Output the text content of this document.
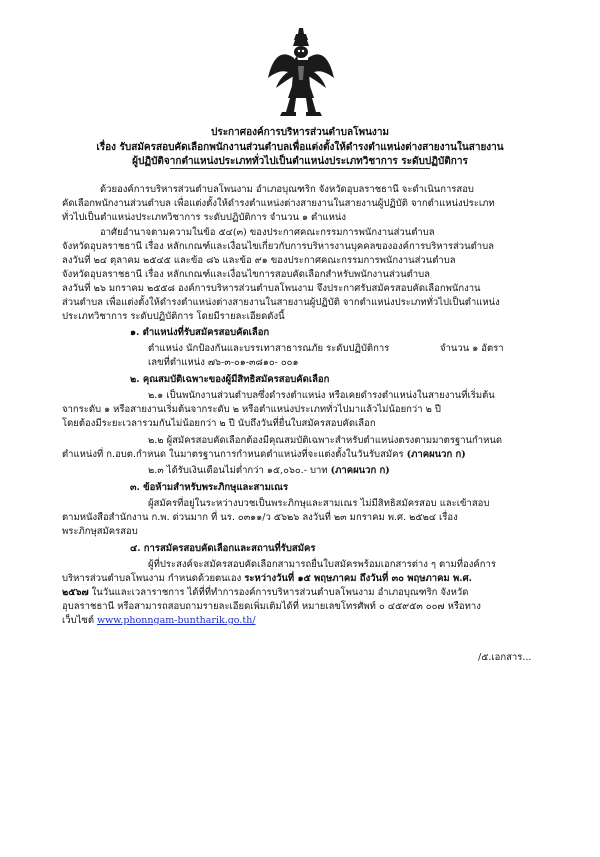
ประกาศองค์การบริหารส่วนตำบลโพนงาม
เรื่อง รับสมัครสอบคัดเลือกพนักงานส่วนตำบลเพื่อแต่งตั้งให้ดำรงตำแหน่งต่างสายงานในสายงาน
ผู้ปฏิบัติจากตำแหน่งประเภททั่วไปเป็นตำแหน่งประเภทวิชาการ ระดับปฏิบัติการ
ด้วยองค์การบริหารส่วนตำบลโพนงาม อำเภอบุณฑริก จังหวัดอุบลราชธานี จะดำเนินการสอบ
คัดเลือกพนักงานส่วนตำบล เพื่อแต่งตั้งให้ดำรงตำแหน่งต่างสายงานในสายงานผู้ปฏิบัติ จากตำแหน่งประเภท
ทั่วไปเป็นตำแหน่งประเภทวิชาการ ระดับปฏิบัติการ จำนวน ๑ ตำแหน่ง
อาศัยอำนาจตามความในข้อ ๕๔(๓) ของประกาศคณะกรรมการพนักงานส่วนตำบล
จังหวัดอุบลราชธานี เรื่อง หลักเกณฑ์และเงื่อนไขเกี่ยวกับการบริหารงานบุคคลขององค์การบริหารส่วนตำบล
ลงวันที่ ๒๔ ตุลาคม ๒๕๔๕ และข้อ ๘๖ และข้อ ๙๑ ของประกาศคณะกรรมการพนักงานส่วนตำบล
จังหวัดอุบลราชธานี เรื่อง หลักเกณฑ์และเงื่อนไขการสอบคัดเลือกสำหรับพนักงานส่วนตำบล
ลงวันที่ ๒๖ มกราคม ๒๕๕๘ องค์การบริหารส่วนตำบลโพนงาม จึงประกาศรับสมัครสอบคัดเลือกพนักงาน
ส่วนตำบล เพื่อแต่งตั้งให้ดำรงตำแหน่งต่างสายงานในสายงานผู้ปฏิบัติ จากตำแหน่งประเภททั่วไปเป็นตำแหน่ง
ประเภทวิชาการ ระดับปฏิบัติการ โดยมีรายละเอียดดังนี้
๑. ตำแหน่งที่รับสมัครสอบคัดเลือก
ตำแหน่ง นักป้องกันและบรรเทาสาธารณภัย ระดับปฏิบัติการ	จำนวน ๑ อัตรา
เลขที่ตำแหน่ง ๗๖-๓-๐๑-๓๘๑๐- ๐๐๑
๒. คุณสมบัติเฉพาะของผู้มีสิทธิสมัครสอบคัดเลือก
๒.๑ เป็นพนักงานส่วนตำบลซึ่งดำรงตำแหน่ง หรือเคยดำรงตำแหน่งในสายงานที่เริ่มต้น
จากระดับ ๑ หรือสายงานเริ่มต้นจากระดับ ๒ หรือตำแหน่งประเภททั่วไปมาแล้วไม่น้อยกว่า ๒ ปี
โดยต้องมีระยะเวลารวมกันไม่น้อยกว่า ๒ ปี นับถึงวันที่ยื่นใบสมัครสอบคัดเลือก
๒.๒ ผู้สมัครสอบคัดเลือกต้องมีคุณสมบัติเฉพาะสำหรับตำแหน่งตรงตามมาตรฐานกำหนด
ตำแหน่งที่ ก.อบต.กำหนด ในมาตรฐานการกำหนดตำแหน่งที่จะแต่งตั้งในวันรับสมัคร (ภาคผนวก ก)
๒.๓ ได้รับเงินเดือนไม่ต่ำกว่า ๑๕,๐๖๐.- บาท (ภาคผนวก ก)
๓. ข้อห้ามสำหรับพระภิกษุและสามเณร
ผู้สมัครที่อยู่ในระหว่างบวชเป็นพระภิกษุและสามเณร ไม่มีสิทธิสมัครสอบ และเข้าสอบ
ตามหนังสือสำนักงาน ก.พ. ด่วนมาก ที่ นร. ๐๓๑๑/ว ๕๖๒๖ ลงวันที่ ๒๓ มกราคม พ.ศ. ๒๕๒๔ เรื่อง
พระภิกษุสมัครสอบ
๔. การสมัครสอบคัดเลือกและสถานที่รับสมัคร
ผู้ที่ประสงค์จะสมัครสอบคัดเลือกสามารถยื่นใบสมัครพร้อมเอกสารต่าง ๆ ตามที่องค์การ
บริหารส่วนตำบลโพนงาม กำหนดด้วยตนเอง ระหว่างวันที่ ๑๕ พฤษภาคม ถึงวันที่ ๓๐ พฤษภาคม พ.ศ.
๒๕๖๗ ในวันและเวลาราชการ ได้ที่ที่ทำการองค์การบริหารส่วนตำบลโพนงาม อำเภอบุณฑริก จังหวัด
อุบลราชธานี หรือสามารถสอบถามรายละเอียดเพิ่มเติมได้ที่ หมายเลขโทรศัพท์ ๐ ๔๕๙๕๓ ๐๐๗ หรือทาง
เว็บไซต์ www.phonngam-buntharik.go.th/
/๕.เอกสาร...
